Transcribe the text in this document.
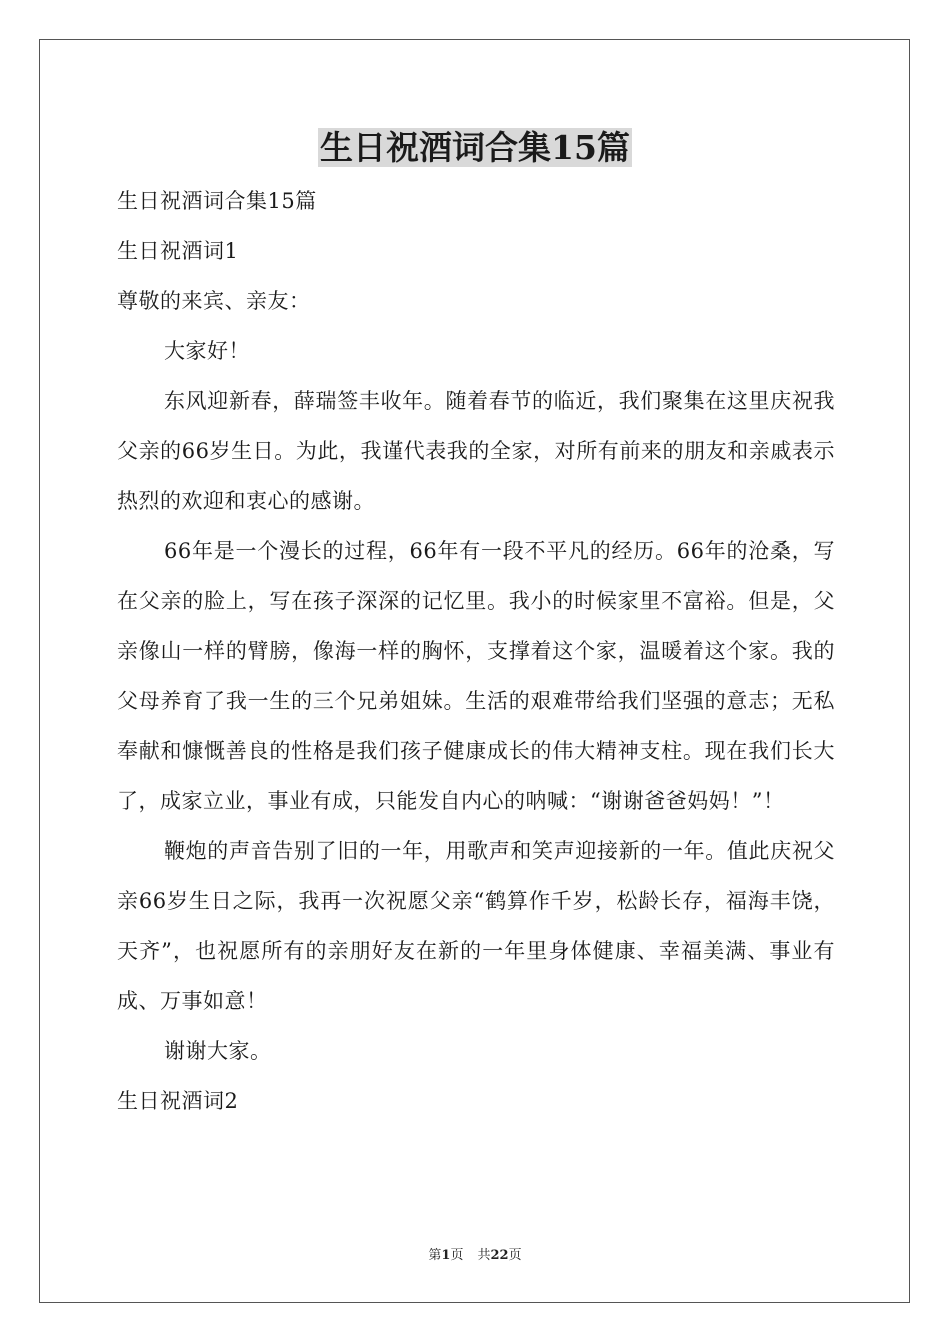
生日祝酒词合集15篇

生日祝酒词合集15篇

生日祝酒词1

尊敬的来宾、亲友：

大家好！

东风迎新春，薛瑞签丰收年。随着春节的临近，我们聚集在这里庆祝我父亲的66岁生日。为此，我谨代表我的全家，对所有前来的朋友和亲戚表示热烈的欢迎和衷心的感谢。

66年是一个漫长的过程，66年有一段不平凡的经历。66年的沧桑，写在父亲的脸上，写在孩子深深的记忆里。我小的时候家里不富裕。但是，父亲像山一样的臂膀，像海一样的胸怀，支撑着这个家，温暖着这个家。我的父母养育了我一生的三个兄弟姐妹。生活的艰难带给我们坚强的意志；无私奉献和慷慨善良的性格是我们孩子健康成长的伟大精神支柱。现在我们长大了，成家立业，事业有成，只能发自内心的呐喊：“谢谢爸爸妈妈！”！

鞭炮的声音告别了旧的一年，用歌声和笑声迎接新的一年。值此庆祝父亲66岁生日之际，我再一次祝愿父亲“鹤算作千岁，松龄长存，福海丰饶，天齐”，也祝愿所有的亲朋好友在新的一年里身体健康、幸福美满、事业有成、万事如意！

谢谢大家。

生日祝酒词2

第1页 共22页
